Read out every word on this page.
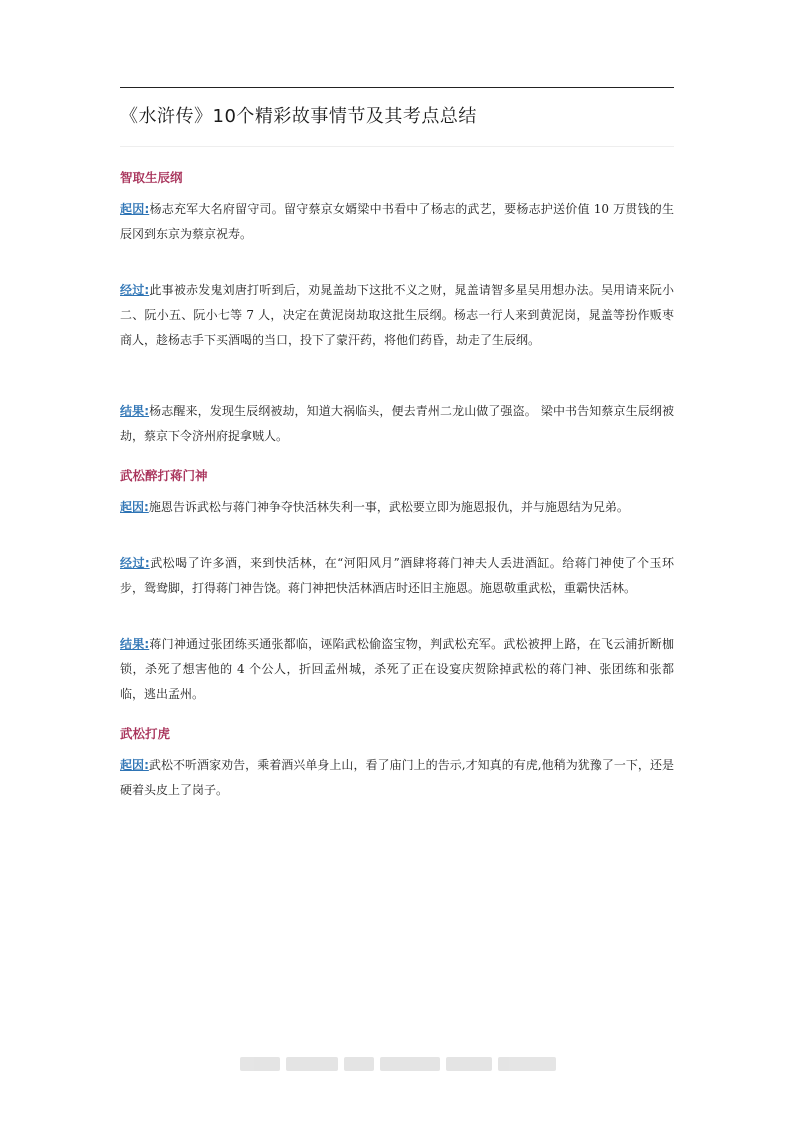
《水浒传》10个精彩故事情节及其考点总结
智取生辰纲

起因:杨志充军大名府留守司。留守蔡京女婿梁中书看中了杨志的武艺，要杨志护送价值 10 万贯钱的生辰冈到东京为蔡京祝寿。

经过:此事被赤发鬼刘唐打听到后，劝晁盖劫下这批不义之财，晁盖请智多星吴用想办法。吴用请来阮小二、阮小五、阮小七等 7 人，决定在黄泥岗劫取这批生辰纲。杨志一行人来到黄泥岗，晁盖等扮作贩枣商人，趁杨志手下买酒喝的当口，投下了蒙汗药，将他们药昏，劫走了生辰纲。

结果:杨志醒来，发现生辰纲被劫，知道大祸临头，便去青州二龙山做了强盗。 梁中书告知蔡京生辰纲被劫，蔡京下令济州府捉拿贼人。

武松醉打蒋门神

起因:施恩告诉武松与蒋门神争夺快活林失利一事，武松要立即为施恩报仇，并与施恩结为兄弟。

经过:武松喝了许多酒，来到快活林，在“河阳风月”酒肆将蒋门神夫人丢进酒缸。给蒋门神使了个玉环步，鸳鸯脚，打得蒋门神告饶。蒋门神把快活林酒店时还旧主施恩。施恩敬重武松，重霸快活林。

结果:蒋门神通过张团练买通张都临，诬陷武松偷盗宝物，判武松充军。武松被押上路，在飞云浦折断枷锁，杀死了想害他的 4 个公人，折回孟州城，杀死了正在设宴庆贺除掉武松的蒋门神、张团练和张都临，逃出孟州。

武松打虎

起因:武松不听酒家劝告，乘着酒兴单身上山，看了庙门上的告示,才知真的有虎,他稍为犹豫了一下，还是硬着头皮上了岗子。
